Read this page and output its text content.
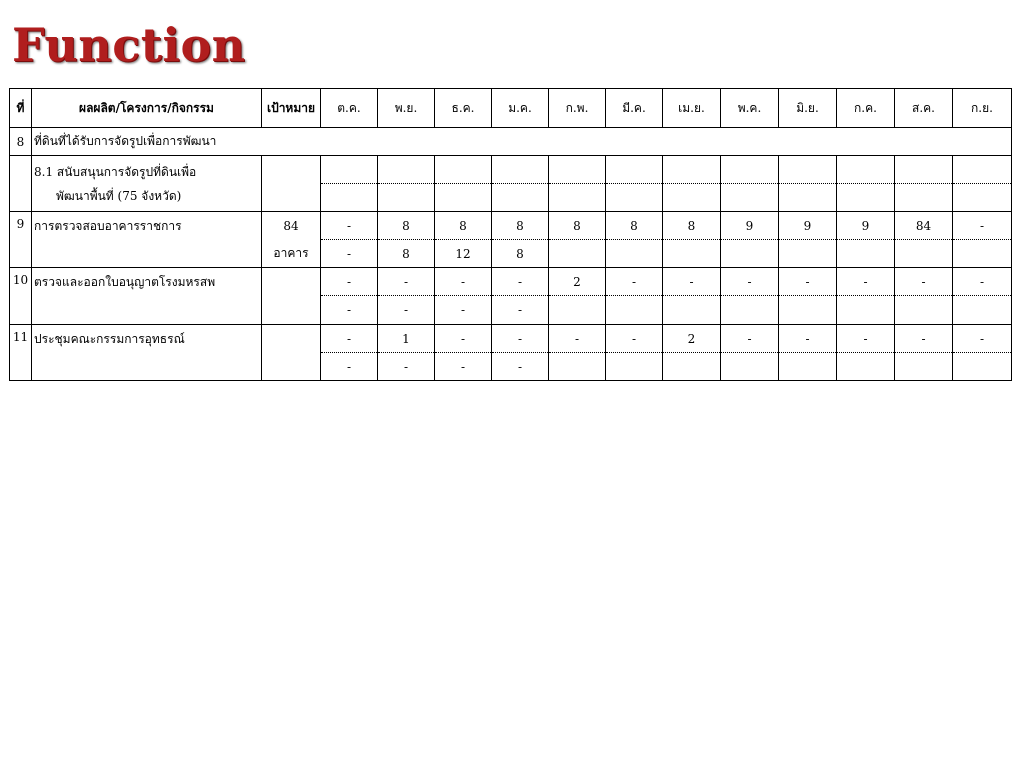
Function
ที่	ผลผลิต/โครงการ/กิจกรรม	เป้าหมาย	ต.ค.	พ.ย.	ธ.ค.	ม.ค.	ก.พ.	มี.ค.	เม.ย.	พ.ค.	มิ.ย.	ก.ค.	ส.ค.	ก.ย.
8	ที่ดินที่ได้รับการจัดรูปเพื่อการพัฒนา													
	8.1 สนับสนุนการจัดรูปที่ดินเพื่อ

พัฒนาพื้นที่ (75 จังหวัด)													

9	การตรวจสอบอาคารราชการ	84	-	8	8	8	8	8	8	9	9	9	84	-
		อาคาร	-	8	12	8								
10	ตรวจและออกใบอนุญาตโรงมหรสพ		-	-	-	-	2	-	-	-	-	-	-	-
			-	-	-	-								
11	ประชุมคณะกรรมการอุทธรณ์		-	1	-	-	-	-	2	-	-	-	-	-
			-	-	-	-								
